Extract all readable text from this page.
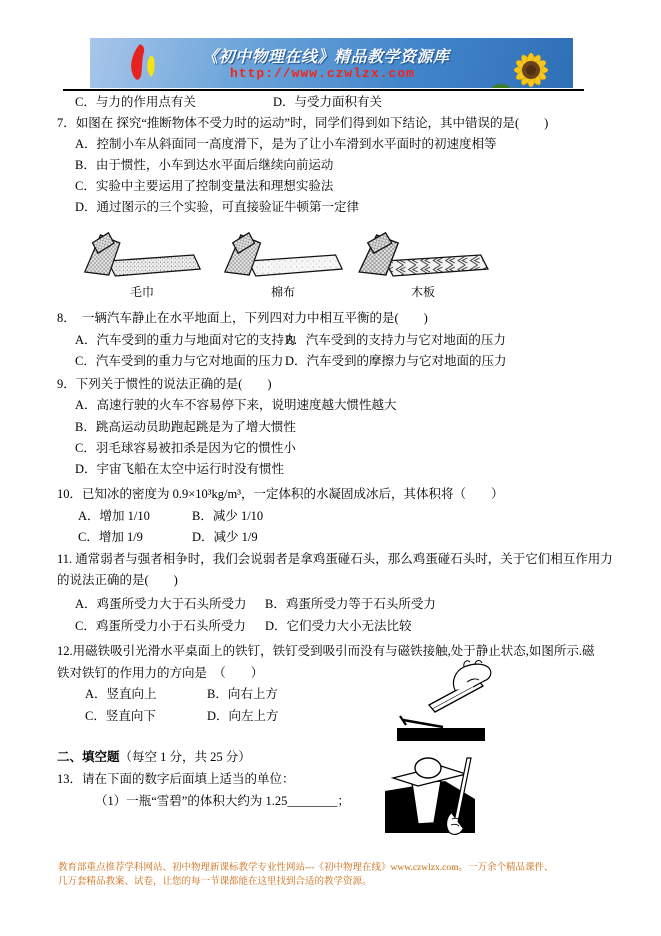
《初中物理在线》精品教学资源库
http://www.czwlzx.com
C．与力的作用点有关	D．与受力面积有关
7．如图在 探究“推断物体不受力时的运动”时，同学们得到如下结论，其中错误的是(　　)
A．控制小车从斜面同一高度滑下，是为了让小车滑到水平面时的初速度相等
B．由于惯性，小车到达水平面后继续向前运动
C．实验中主要运用了控制变量法和理想实验法
D．通过图示的三个实验，可直接验证牛顿第一定律
毛巾	棉布	木板
8．  一辆汽车静止在水平地面上，下列四对力中相互平衡的是(　　)
A．汽车受到的重力与地面对它的支持力
B．汽车受到的支持力与它对地面的压力
C．汽车受到的重力与它对地面的压力 D．汽车受到的摩擦力与它对地面的压力
9．下列关于惯性的说法正确的是(　　)
A．高速行驶的火车不容易停下来，说明速度越大惯性越大
B．跳高运动员助跑起跳是为了增大惯性
C．羽毛球容易被扣杀是因为它的惯性小
D．宇宙飞船在太空中运行时没有惯性
10．已知冰的密度为 0.9×10³kg/m³，一定体积的水凝固成冰后，其体积将（　　）
A．增加 1/10	B．减少 1/10
C．增加 1/9	D．减少 1/9
11. 通常弱者与强者相争时，我们会说弱者是拿鸡蛋碰石头，那么鸡蛋碰石头时，关于它们相互作用力
的说法正确的是(　　)
A．鸡蛋所受力大于石头所受力 B．鸡蛋所受力等于石头所受力
C．鸡蛋所受力小于石头所受力 D．它们受力大小无法比较
12.用磁铁吸引光滑水平桌面上的铁钉，铁钉受到吸引而没有与磁铁接触,处于静止状态,如图所示.磁
铁对铁钉的作用力的方向是　（　　）
A．竖直向上	B．向右上方
C．竖直向下	D．向左上方
二、填空题（每空 1 分，共 25 分）
13．请在下面的数字后面填上适当的单位：
（1）一瓶“雪碧”的体积大约为 1.25________；
教育部重点推荐学科网站、初中物理新课标教学专业性网站---《初中物理在线》www.czwlzx.com。一万余个精品课件、
几万套精品教案、试卷，让您的每一节课都能在这里找到合适的教学资源。
